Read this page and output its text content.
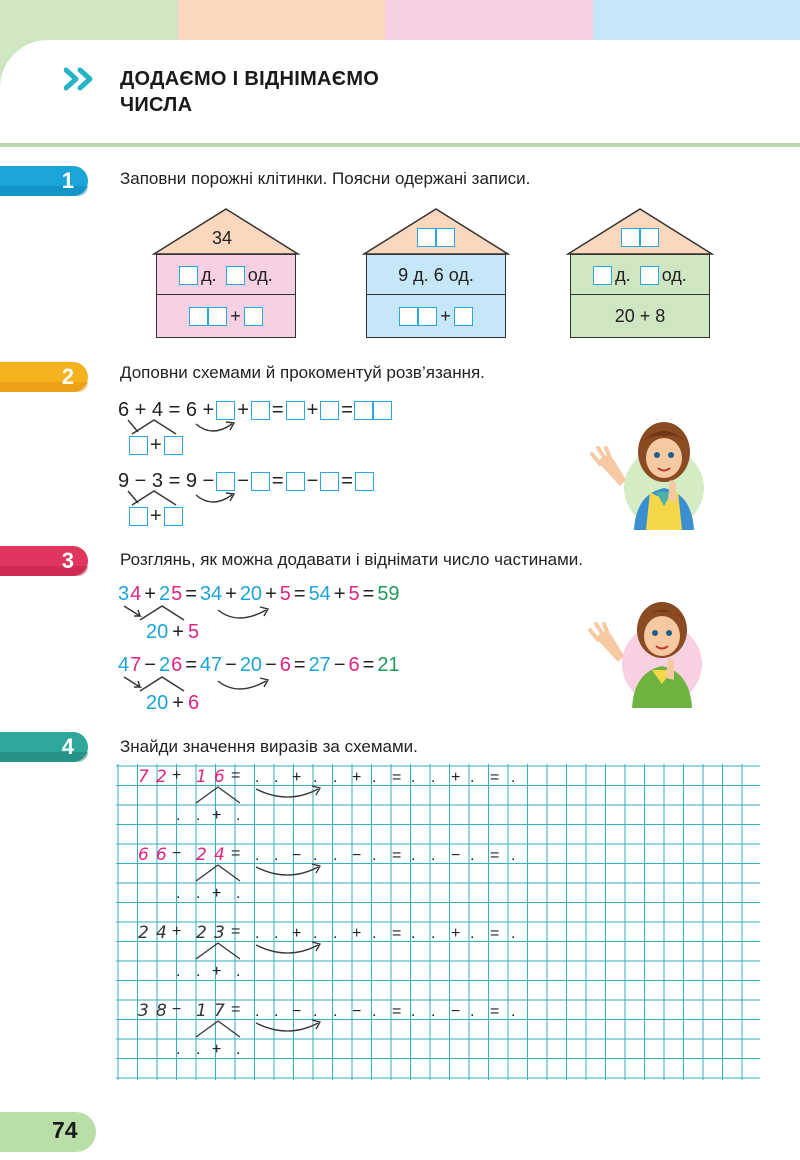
ДОДАЄМО І ВІДНІМАЄМО
ЧИСЛА
1	Заповни порожні клітинки. Поясни одержані записи.
34
д. од.
+
9 д. 6 од.
+
д. од.
20 + 8
2	Доповни схемами й прокоментуй розв’язання.
6 + 4 = 6 + + = + =
+
9 − 3 = 9 − − = − =
+
3	Розглянь, як можна додавати і віднімати число частинами.
3 4 + 2 5 = 34 + 20 + 5 = 54 + 5 = 59
20 + 5
4 7 − 2 6 = 47 − 20 − 6 = 27 − 6 = 21
20 + 6
4	Знайди значення виразів за схемами.
7 2 + 1 6 = . . + . . + . = . . + . = .
. . + .
6 6 − 2 4 = . . − . . − . = . . − . = .
. . + .
2 4 + 2 3 = . . + . . + . = . . + . = .
. . + .
3 8 − 1 7 = . . − . . − . = . . − . = .
. . + .
74
